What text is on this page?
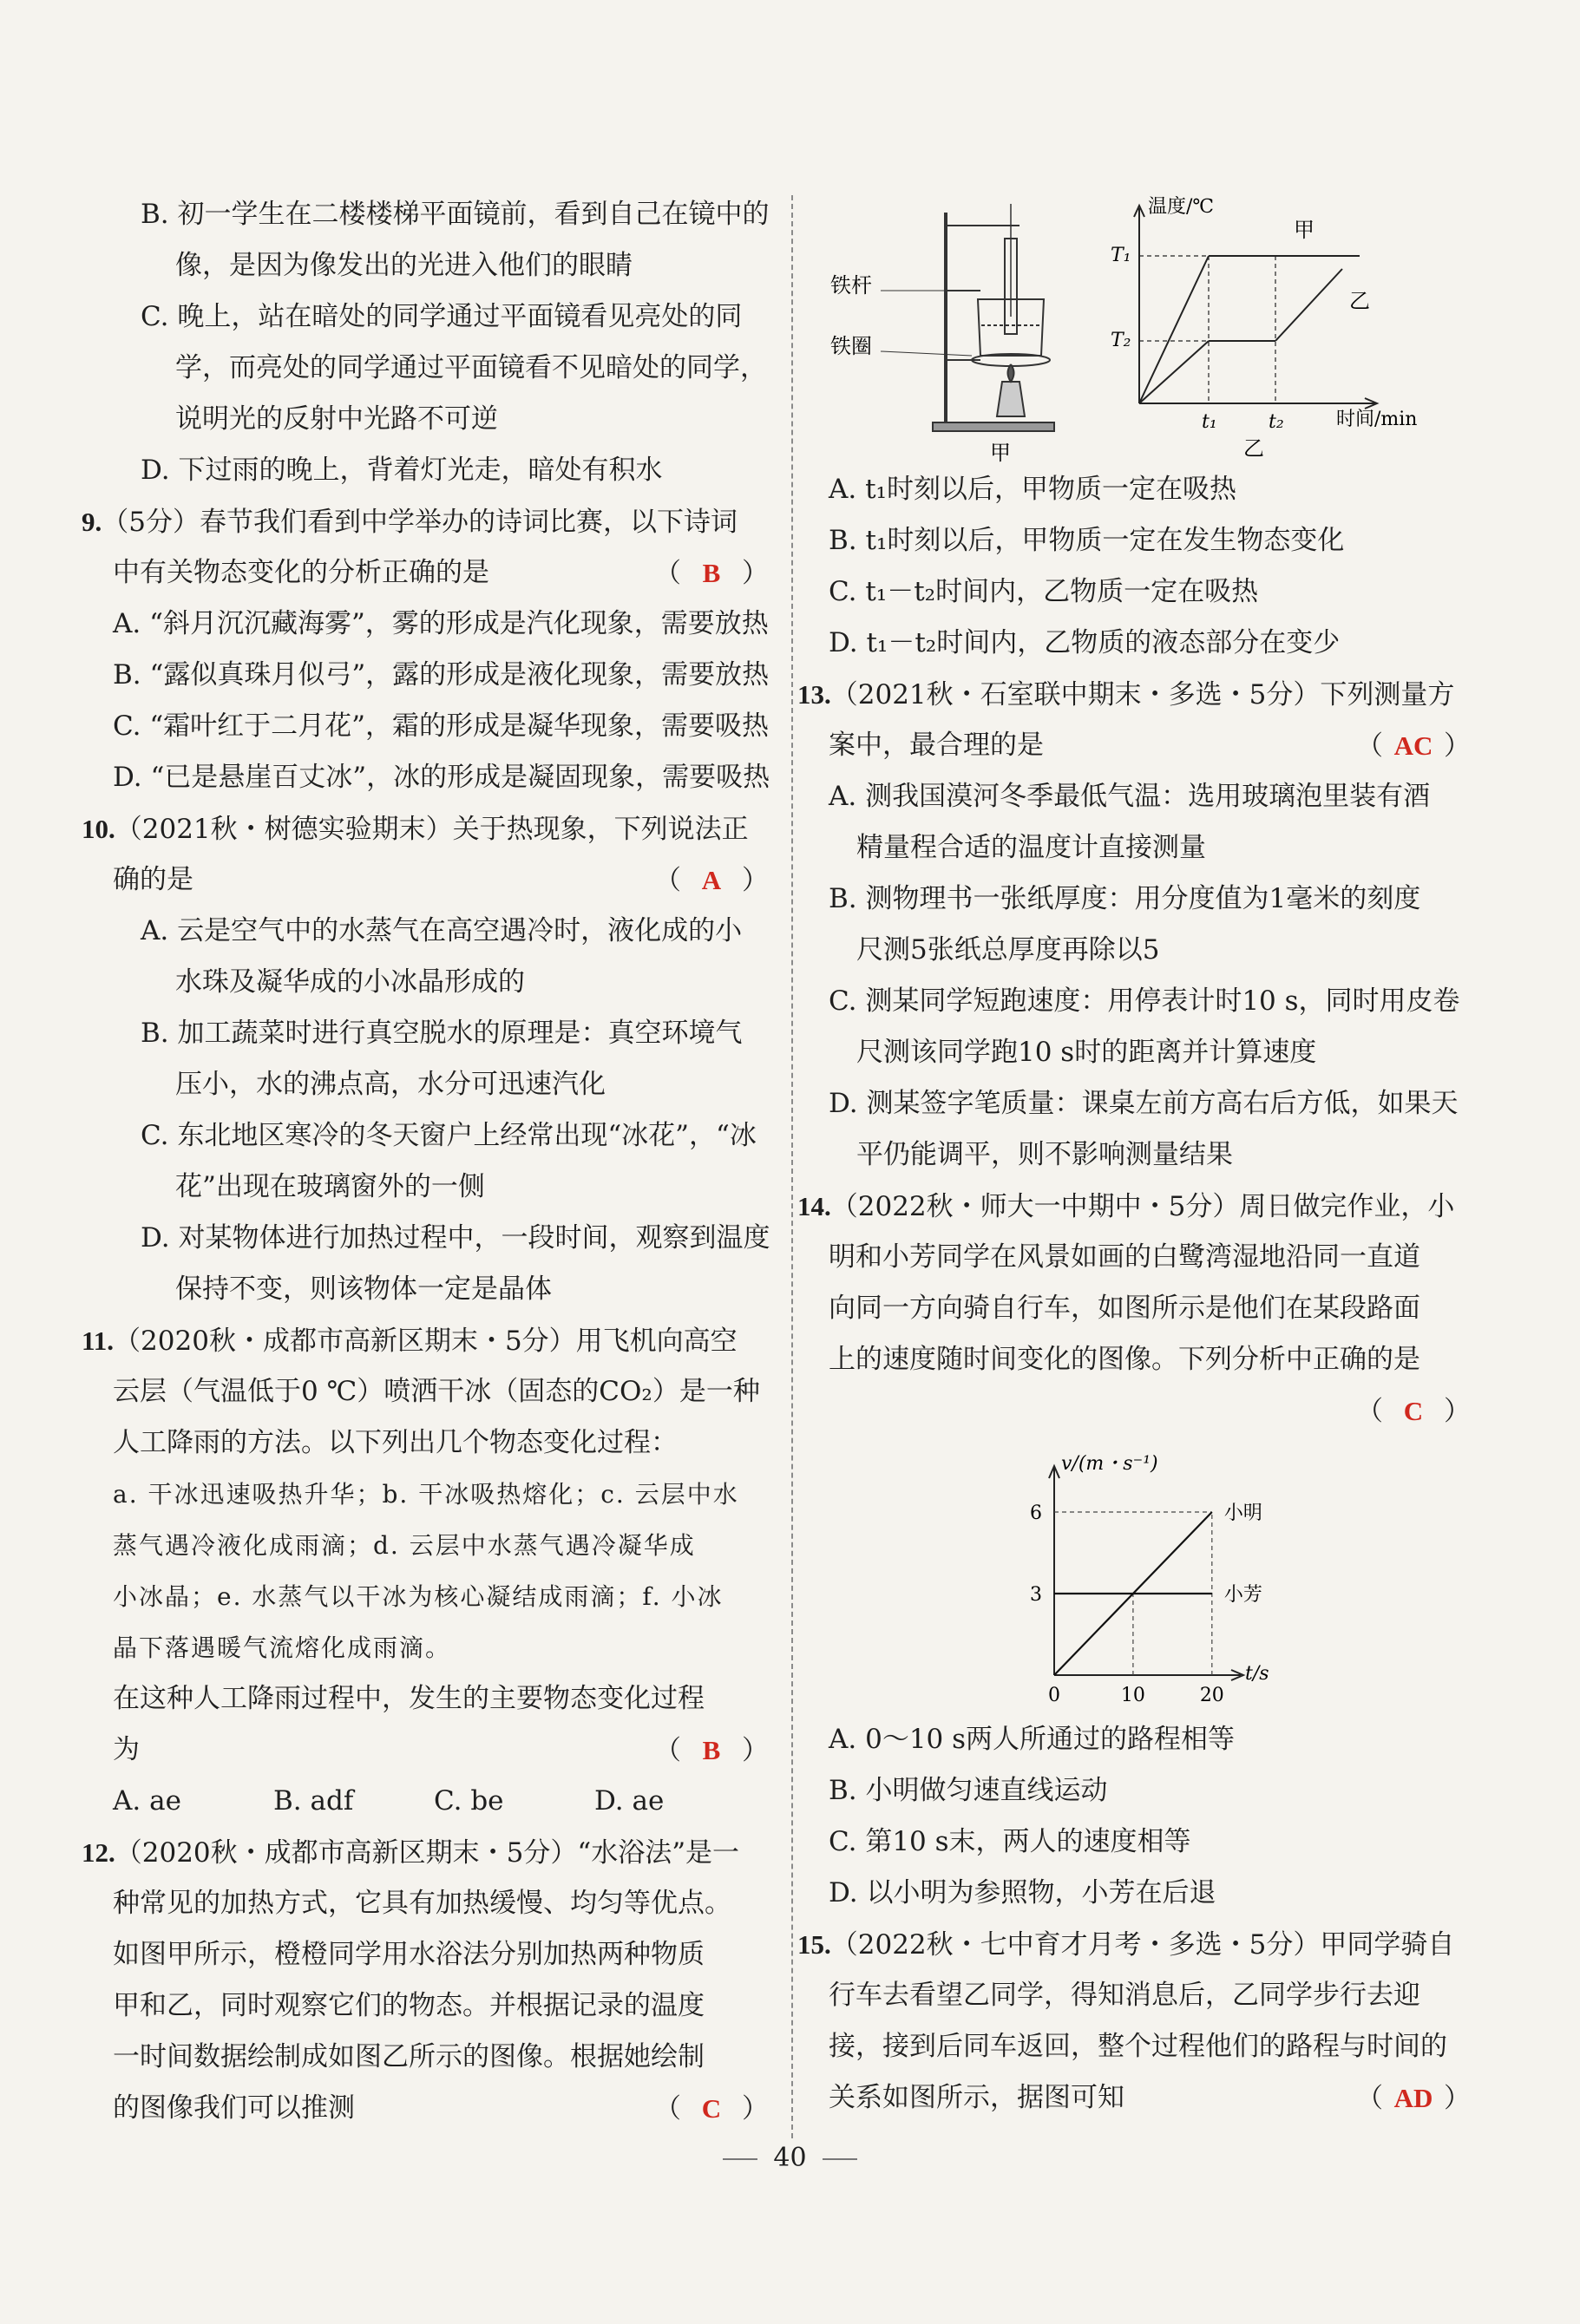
B. 初一学生在二楼楼梯平面镜前，看到自己在镜中的
像，是因为像发出的光进入他们的眼睛
C. 晚上，站在暗处的同学通过平面镜看见亮处的同
学，而亮处的同学通过平面镜看不见暗处的同学，
说明光的反射中光路不可逆
D. 下过雨的晚上，背着灯光走，暗处有积水
9.（5分）春节我们看到中学举办的诗词比赛，以下诗词
中有关物态变化的分析正确的是	（ B ）
A. “斜月沉沉藏海雾”，雾的形成是汽化现象，需要放热
B. “露似真珠月似弓”，露的形成是液化现象，需要放热
C. “霜叶红于二月花”，霜的形成是凝华现象，需要吸热
D. “已是悬崖百丈冰”，冰的形成是凝固现象，需要吸热
10.（2021秋・树德实验期末）关于热现象，下列说法正
确的是	（ A ）
A. 云是空气中的水蒸气在高空遇冷时，液化成的小
水珠及凝华成的小冰晶形成的
B. 加工蔬菜时进行真空脱水的原理是：真空环境气
压小，水的沸点高，水分可迅速汽化
C. 东北地区寒冷的冬天窗户上经常出现“冰花”，“冰
花”出现在玻璃窗外的一侧
D. 对某物体进行加热过程中，一段时间，观察到温度
保持不变，则该物体一定是晶体
11.（2020秋・成都市高新区期末・5分）用飞机向高空
云层（气温低于0 ℃）喷洒干冰（固态的CO₂）是一种
人工降雨的方法。以下列出几个物态变化过程：
a. 干冰迅速吸热升华；b. 干冰吸热熔化；c. 云层中水
蒸气遇冷液化成雨滴；d. 云层中水蒸气遇冷凝华成
小冰晶；e. 水蒸气以干冰为核心凝结成雨滴；f. 小冰
晶下落遇暖气流熔化成雨滴。
在这种人工降雨过程中，发生的主要物态变化过程
为	（ B ）
A. ae	B. adf	C. be	D. ae
12.（2020秋・成都市高新区期末・5分）“水浴法”是一
种常见的加热方式，它具有加热缓慢、均匀等优点。
如图甲所示，橙橙同学用水浴法分别加热两种物质
甲和乙，同时观察它们的物态。并根据记录的温度
一时间数据绘制成如图乙所示的图像。根据她绘制
的图像我们可以推测	（ C ）
铁杆
铁圈
甲
温度/℃
时间/min
T₁
T₂
t₁	t₂
甲
乙
乙
A. t₁时刻以后，甲物质一定在吸热
B. t₁时刻以后，甲物质一定在发生物态变化
C. t₁－t₂时间内，乙物质一定在吸热
D. t₁－t₂时间内，乙物质的液态部分在变少
13.（2021秋・石室联中期末・多选・5分）下列测量方
案中，最合理的是	（ AC ）
A. 测我国漠河冬季最低气温：选用玻璃泡里装有酒
精量程合适的温度计直接测量
B. 测物理书一张纸厚度：用分度值为1毫米的刻度
尺测5张纸总厚度再除以5
C. 测某同学短跑速度：用停表计时10 s，同时用皮卷
尺测该同学跑10 s时的距离并计算速度
D. 测某签字笔质量：课桌左前方高右后方低，如果天
平仍能调平，则不影响测量结果
14.（2022秋・师大一中期中・5分）周日做完作业，小
明和小芳同学在风景如画的白鹭湾湿地沿同一直道
向同一方向骑自行车，如图所示是他们在某段路面
上的速度随时间变化的图像。下列分析中正确的是
（ C ）
3
6
0	10	20
小明
小芳
v/(m・s⁻¹)
t/s
A. 0～10 s两人所通过的路程相等
B. 小明做匀速直线运动
C. 第10 s末，两人的速度相等
D. 以小明为参照物，小芳在后退
15.（2022秋・七中育才月考・多选・5分）甲同学骑自
行车去看望乙同学，得知消息后，乙同学步行去迎
接，接到后同车返回，整个过程他们的路程与时间的
关系如图所示，据图可知	（ AD ）
40
